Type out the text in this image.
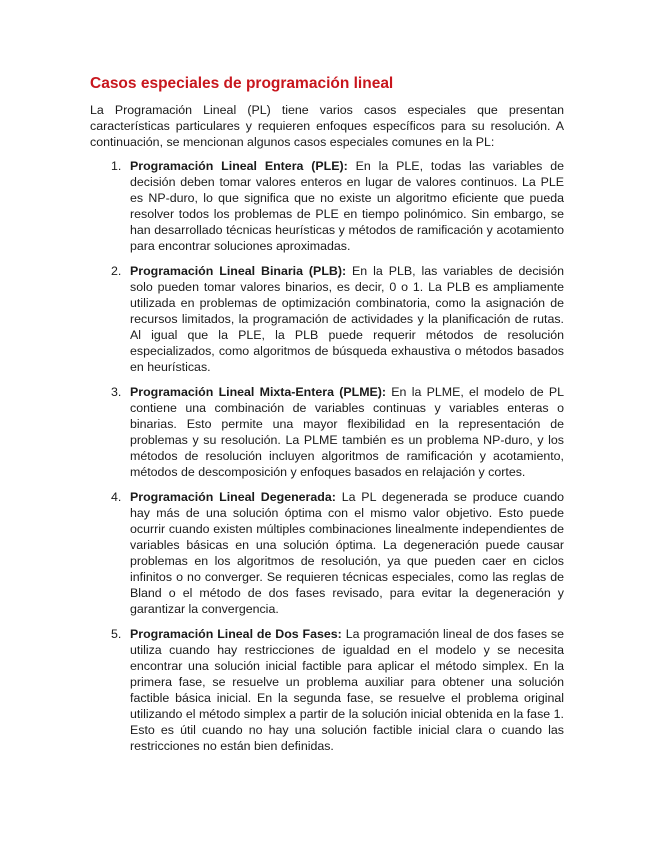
Casos especiales de programación lineal

La Programación Lineal (PL) tiene varios casos especiales que presentan características particulares y requieren enfoques específicos para su resolución. A continuación, se mencionan algunos casos especiales comunes en la PL:

1. Programación Lineal Entera (PLE): En la PLE, todas las variables de decisión deben tomar valores enteros en lugar de valores continuos. La PLE es NP-duro, lo que significa que no existe un algoritmo eficiente que pueda resolver todos los problemas de PLE en tiempo polinómico. Sin embargo, se han desarrollado técnicas heurísticas y métodos de ramificación y acotamiento para encontrar soluciones aproximadas.
2. Programación Lineal Binaria (PLB): En la PLB, las variables de decisión solo pueden tomar valores binarios, es decir, 0 o 1. La PLB es ampliamente utilizada en problemas de optimización combinatoria, como la asignación de recursos limitados, la programación de actividades y la planificación de rutas. Al igual que la PLE, la PLB puede requerir métodos de resolución especializados, como algoritmos de búsqueda exhaustiva o métodos basados en heurísticas.
3. Programación Lineal Mixta-Entera (PLME): En la PLME, el modelo de PL contiene una combinación de variables continuas y variables enteras o binarias. Esto permite una mayor flexibilidad en la representación de problemas y su resolución. La PLME también es un problema NP-duro, y los métodos de resolución incluyen algoritmos de ramificación y acotamiento, métodos de descomposición y enfoques basados en relajación y cortes.
4. Programación Lineal Degenerada: La PL degenerada se produce cuando hay más de una solución óptima con el mismo valor objetivo. Esto puede ocurrir cuando existen múltiples combinaciones linealmente independientes de variables básicas en una solución óptima. La degeneración puede causar problemas en los algoritmos de resolución, ya que pueden caer en ciclos infinitos o no converger. Se requieren técnicas especiales, como las reglas de Bland o el método de dos fases revisado, para evitar la degeneración y garantizar la convergencia.
5. Programación Lineal de Dos Fases: La programación lineal de dos fases se utiliza cuando hay restricciones de igualdad en el modelo y se necesita encontrar una solución inicial factible para aplicar el método simplex. En la primera fase, se resuelve un problema auxiliar para obtener una solución factible básica inicial. En la segunda fase, se resuelve el problema original utilizando el método simplex a partir de la solución inicial obtenida en la fase 1. Esto es útil cuando no hay una solución factible inicial clara o cuando las restricciones no están bien definidas.
